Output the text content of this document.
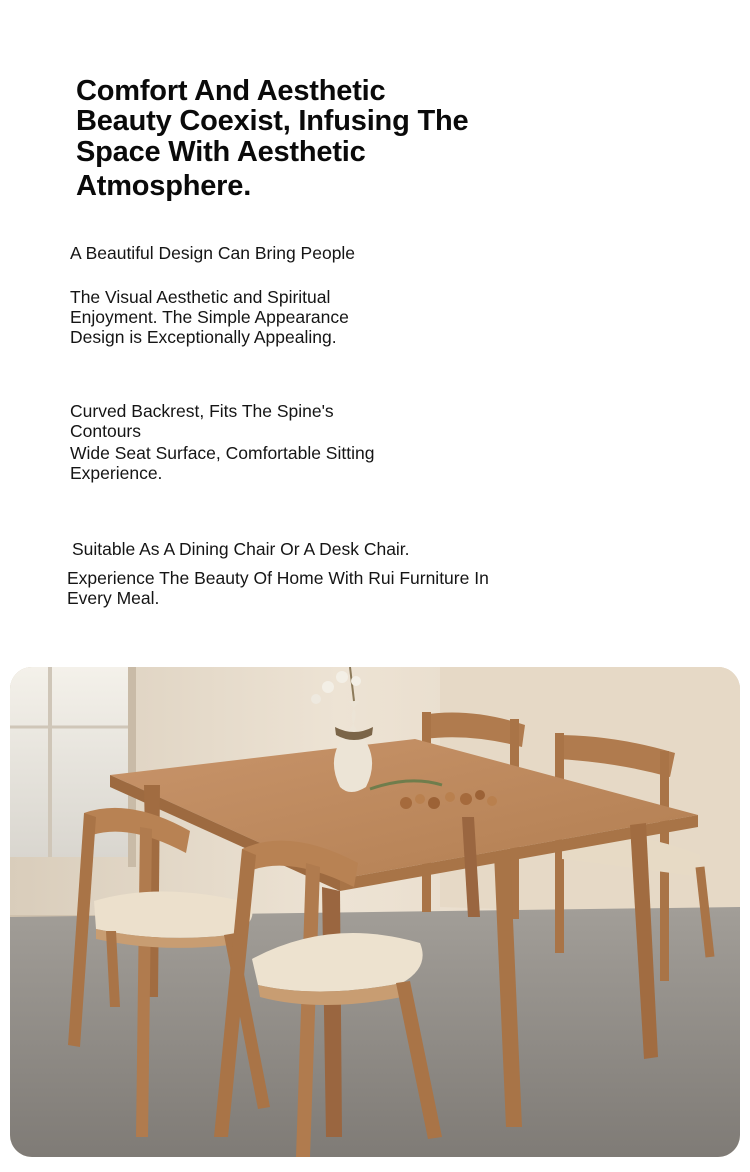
Comfort And Aesthetic
Beauty Coexist, Infusing The
Space With Aesthetic
Atmosphere.

A Beautiful Design Can Bring People

The Visual Aesthetic and Spiritual
Enjoyment. The Simple Appearance
Design is Exceptionally Appealing.

Curved Backrest, Fits The Spine's
Contours

Wide Seat Surface, Comfortable Sitting
Experience.

Suitable As A Dining Chair Or A Desk Chair.

Experience The Beauty Of Home With Rui Furniture In
Every Meal.
